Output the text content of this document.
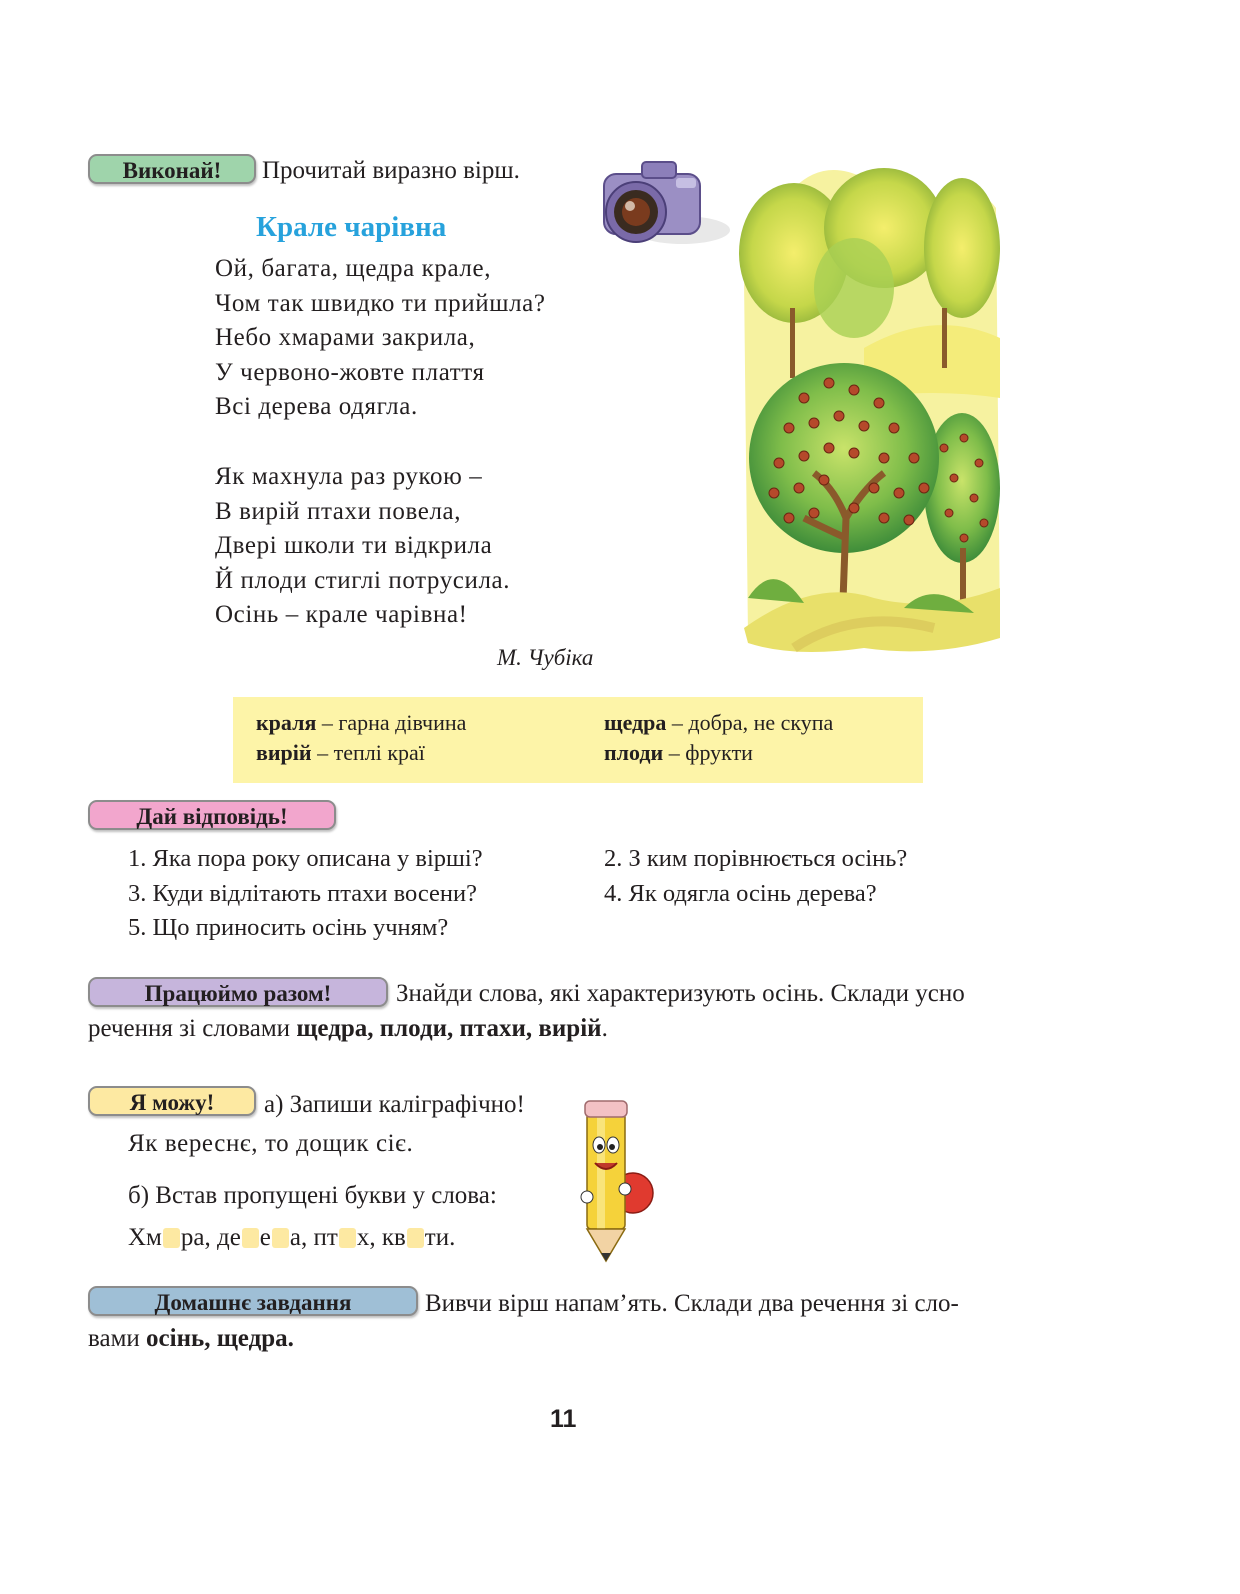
Виконай!	Прочитай виразно вірш.
Крале чарівна
Ой, багата, щедра крале,
Чом так швидко ти прийшла?
Небо хмарами закрила,
У червоно-жовте плаття
Всі дерева одягла.
Як махнула раз рукою –
В вирій птахи повела,
Двері школи ти відкрила
Й плоди стиглі потрусила.
Осінь – крале чарівна!
М. Чубіка
краля – гарна дівчина	щедра – добра, не скупа
вирій – теплі краї	плоди – фрукти
Дай відповідь!
1. Яка пора року описана у вірші?	2. З ким порівнюється осінь?
3. Куди відлітають птахи восени?	4. Як одягла осінь дерева?
5. Що приносить осінь учням?
Працюймо разом!	Знайди слова, які характеризують осінь. Склади усно
речення зі словами щедра, плоди, птахи, вирій.
Я можу!	а) Запиши каліграфічно!
Як вереснє, то дощик сіє.
б) Встав пропущені букви у слова:
Хм ра, де е а, пт х, кв ти.
Домашнє завдання	Вивчи вірш напам’ять. Склади два речення зі сло-
вами осінь, щедра.
11
